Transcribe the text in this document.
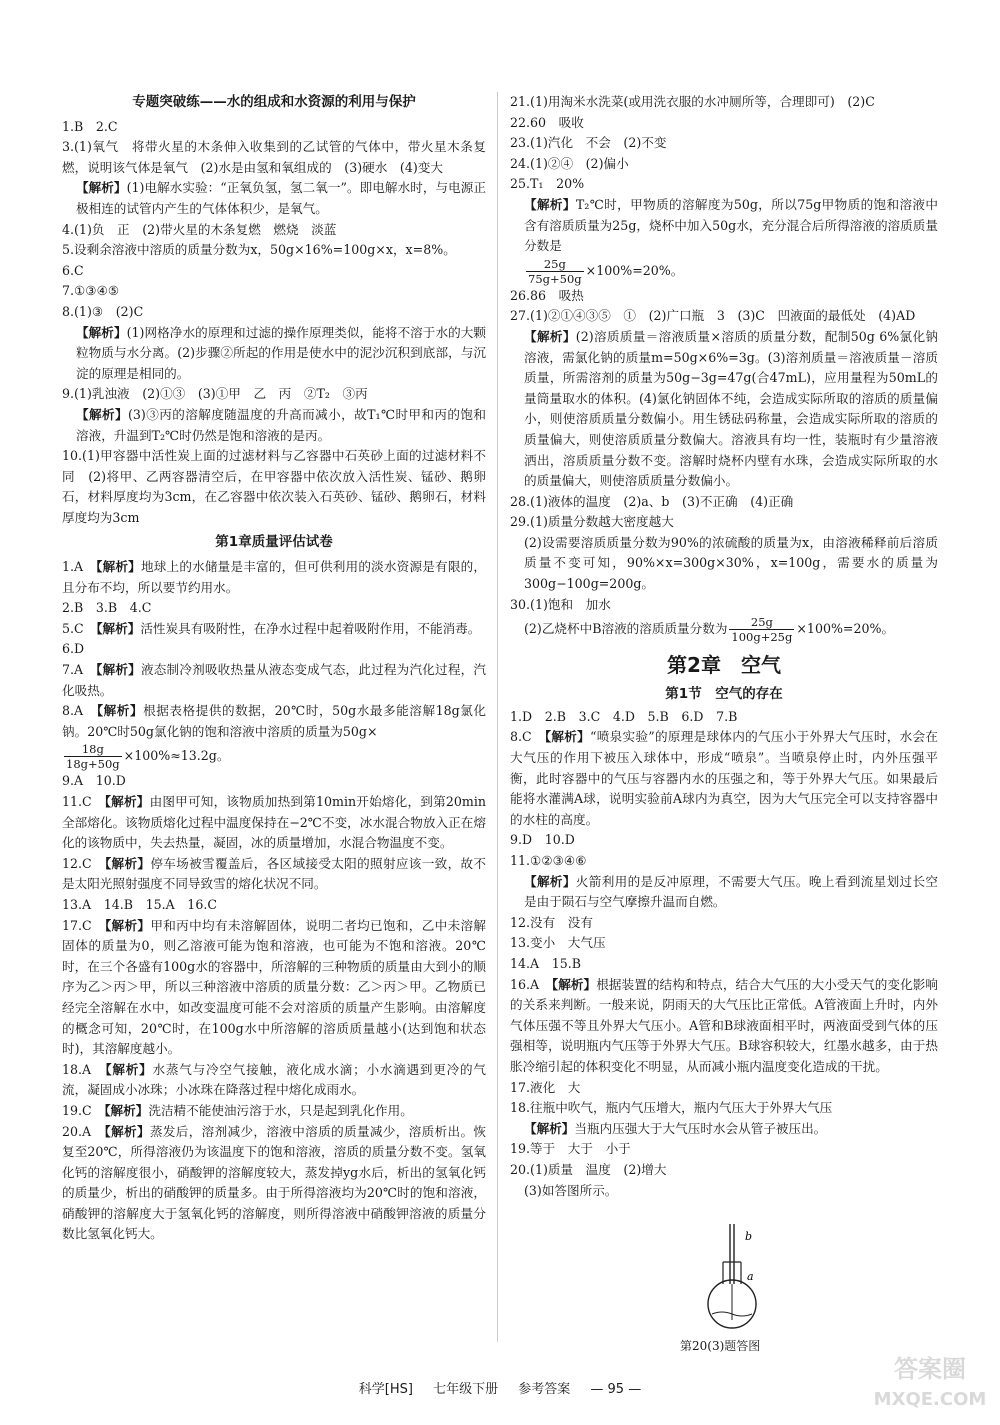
专题突破练——水的组成和水资源的利用与保护

1.B　2.C

3.(1)氧气　将带火星的木条伸入收集到的乙试管的气体中，带火星木条复燃，说明该气体是氧气　(2)水是由氢和氧组成的　(3)硬水　(4)变大

【解析】(1)电解水实验：“正氧负氢，氢二氧一”。即电解水时，与电源正极相连的试管内产生的气体体积少，是氧气。

4.(1)负　正　(2)带火星的木条复燃　燃烧　淡蓝

5.设剩余溶液中溶质的质量分数为x，50g×16%=100g×x，x=8%。

6.C

7.①③④⑤

8.(1)③　(2)C

【解析】(1)网格净水的原理和过滤的操作原理类似，能将不溶于水的大颗粒物质与水分离。(2)步骤②所起的作用是使水中的泥沙沉积到底部，与沉淀的原理是相同的。

9.(1)乳浊液　(2)①③　(3)①甲　乙　丙　②T₂　③丙

【解析】(3)③丙的溶解度随温度的升高而减小，故T₁℃时甲和丙的饱和溶液，升温到T₂℃时仍然是饱和溶液的是丙。

10.(1)甲容器中活性炭上面的过滤材料与乙容器中石英砂上面的过滤材料不同　(2)将甲、乙两容器清空后，在甲容器中依次放入活性炭、锰砂、鹅卵石，材料厚度均为3cm，在乙容器中依次装入石英砂、锰砂、鹅卵石，材料厚度均为3cm

第1章质量评估试卷

1.A　【解析】地球上的水储量是丰富的，但可供利用的淡水资源是有限的，且分布不均，所以要节约用水。

2.B　3.B　4.C

5.C　【解析】活性炭具有吸附性，在净水过程中起着吸附作用，不能消毒。

6.D

7.A　【解析】液态制冷剂吸收热量从液态变成气态，此过程为汽化过程，汽化吸热。

8.A　【解析】根据表格提供的数据，20℃时，50g水最多能溶解18g氯化钠。20℃时50g氯化钠的饱和溶液中溶质的质量为50g×

$\frac{18g}{18g+50g} \times 100\%\approx 13.2g$。

9.A　10.D

11.C　【解析】由图甲可知，该物质加热到第10min开始熔化，到第20min全部熔化。该物质熔化过程中温度保持在−2℃不变，冰水混合物放入正在熔化的该物质中，失去热量，凝固，冰的质量增加，水混合物温度不变。

12.C　【解析】停车场被雪覆盖后，各区域接受太阳的照射应该一致，故不是太阳光照射强度不同导致雪的熔化状况不同。

13.A　14.B　15.A　16.C

17.C　【解析】甲和丙中均有未溶解固体，说明二者均已饱和，乙中未溶解固体的质量为0，则乙溶液可能为饱和溶液，也可能为不饱和溶液。20℃时，在三个各盛有100g水的容器中，所溶解的三种物质的质量由大到小的顺序为乙＞丙＞甲，所以三种溶液中溶质的质量分数：乙＞丙＞甲。乙物质已经完全溶解在水中，如改变温度可能不会对溶质的质量产生影响。由溶解度的概念可知，20℃时，在100g水中所溶解的溶质质量越小(达到饱和状态时)，其溶解度越小。

18.A　【解析】水蒸气与冷空气接触，液化成水滴；小水滴遇到更冷的气流，凝固成小冰珠；小冰珠在降落过程中熔化成雨水。

19.C　【解析】洗洁精不能使油污溶于水，只是起到乳化作用。

20.A　【解析】蒸发后，溶剂减少，溶液中溶质的质量减少，溶质析出。恢复至20℃，所得溶液仍为该温度下的饱和溶液，溶质的质量分数不变。氢氧化钙的溶解度很小，硝酸钾的溶解度较大，蒸发掉yg水后，析出的氢氧化钙的质量少，析出的硝酸钾的质量多。由于所得溶液均为20℃时的饱和溶液，硝酸钾的溶解度大于氢氧化钙的溶解度，则所得溶液中硝酸钾溶液的质量分数比氢氧化钙大。

21.(1)用淘米水洗菜(或用洗衣服的水冲厕所等，合理即可)　(2)C

22.60　吸收

23.(1)汽化　不会　(2)不变

24.(1)②④　(2)偏小

25.T₁　20%

【解析】T₂℃时，甲物质的溶解度为50g，所以75g甲物质的饱和溶液中含有溶质质量为25g，烧杯中加入50g水，充分混合后所得溶液的溶质质量分数是

$\frac{25g}{75g+50g} \times 100\%=20\%$。

26.86　吸热

27.(1)②①④③⑤　①　(2)广口瓶　3　(3)C　凹液面的最低处　(4)AD

【解析】(2)溶质质量＝溶液质量×溶质的质量分数，配制50g 6%氯化钠溶液，需氯化钠的质量m=50g×6%=3g。(3)溶剂质量＝溶液质量－溶质质量，所需溶剂的质量为50g−3g=47g(合47mL)，应用量程为50mL的量筒量取水的体积。(4)氯化钠固体不纯，会造成实际所取的溶质的质量偏小，则使溶质质量分数偏小。用生锈砝码称量，会造成实际所取的溶质的质量偏大，则使溶质质量分数偏大。溶液具有均一性，装瓶时有少量溶液洒出，溶质质量分数不变。溶解时烧杯内壁有水珠，会造成实际所取的水的质量偏大，则使溶质质量分数偏小。

28.(1)液体的温度　(2)a、b　(3)不正确　(4)正确

29.(1)质量分数越大密度越大

(2)设需要溶质质量分数为90%的浓硫酸的质量为x，由溶液稀释前后溶质质量不变可知，90%×x=300g×30%，x=100g，需要水的质量为300g−100g=200g。

30.(1)饱和　加水

(2)乙烧杯中B溶液的溶质质量分数为 $\frac{25g}{100g+25g} \times 100\%=20\%$。

第2章　空气

第1节　空气的存在

1.D　2.B　3.C　4.D　5.B　6.D　7.B

8.C　【解析】“喷泉实验”的原理是球体内的气压小于外界大气压时，水会在大气压的作用下被压入球体中，形成“喷泉”。当喷泉停止时，内外压强平衡，此时容器中的气压与容器内水的压强之和，等于外界大气压。如果最后能将水灌满A球，说明实验前A球内为真空，因为大气压完全可以支持容器中的水柱的高度。

9.D　10.D

11.①②③④⑥

【解析】火箭利用的是反冲原理，不需要大气压。晚上看到流星划过长空是由于陨石与空气摩擦升温而自燃。

12.没有　没有

13.变小　大气压

14.A　15.B

16.A　【解析】根据装置的结构和特点，结合大气压的大小受天气的变化影响的关系来判断。一般来说，阴雨天的大气压比正常低。A管液面上升时，内外气体压强不等且外界大气压小。A管和B球液面相平时，两液面受到气体的压强相等，说明瓶内气压等于外界大气压。B球容积较大，红墨水越多，由于热胀冷缩引起的体积变化不明显，从而减小瓶内温度变化造成的干扰。

17.液化　大

18.往瓶中吹气，瓶内气压增大，瓶内气压大于外界大气压

【解析】当瓶内压强大于大气压时水会从管子被压出。

19.等于　大于　小于

20.(1)质量　温度　(2)增大

(3)如答图所示。

b
a
第20(3)题答图
科学[HS] 七年级下册 参考答案 — 95 —
答案圈
MXQE.COM
